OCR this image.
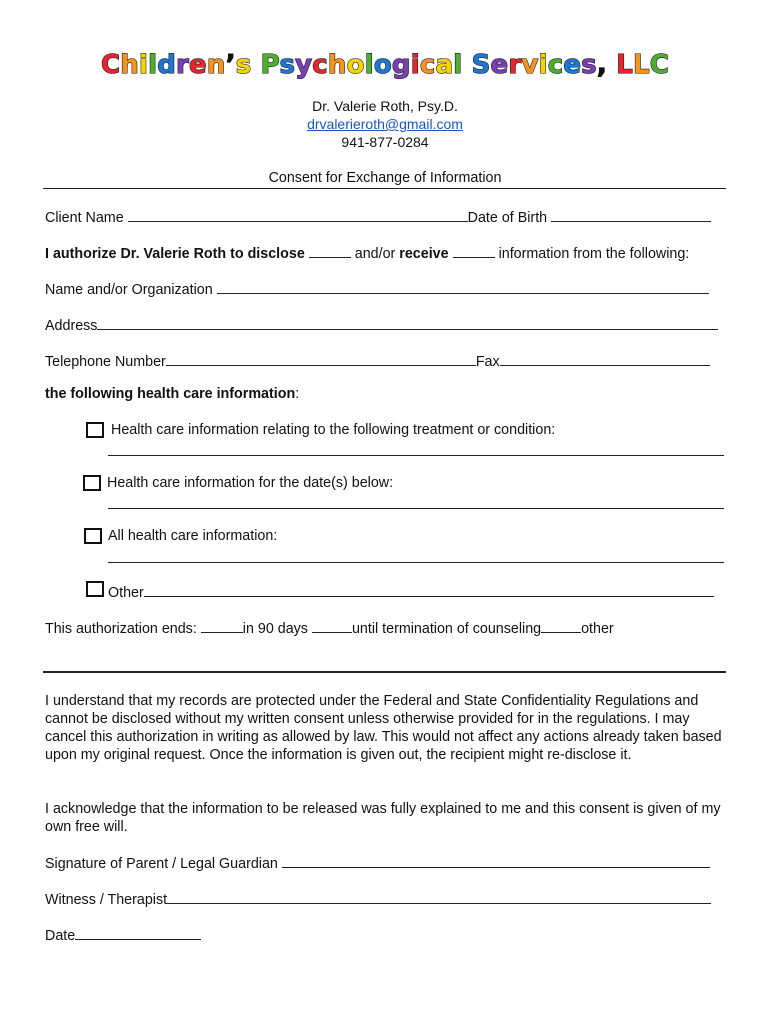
Children’s Psychological Services, LLC
Dr. Valerie Roth, Psy.D.
drvalerieroth@gmail.com
941-877-0284
Consent for Exchange of Information
Client Name	Date of Birth
I authorize Dr. Valerie Roth to disclose	and/or receive	information from the following:
Name and/or Organization
Address
Telephone Number	Fax
the following health care information:
Health care information relating to the following treatment or condition:
Health care information for the date(s) below:
All health care information:
Other
This authorization ends:	in 90 days	until termination of counseling	other
I understand that my records are protected under the Federal and State Confidentiality Regulations and cannot be disclosed without my written consent unless otherwise provided for in the regulations. I may cancel this authorization in writing as allowed by law. This would not affect any actions already taken based upon my original request. Once the information is given out, the recipient might re-disclose it.
I acknowledge that the information to be released was fully explained to me and this consent is given of my own free will.
Signature of Parent / Legal Guardian
Witness / Therapist
Date
